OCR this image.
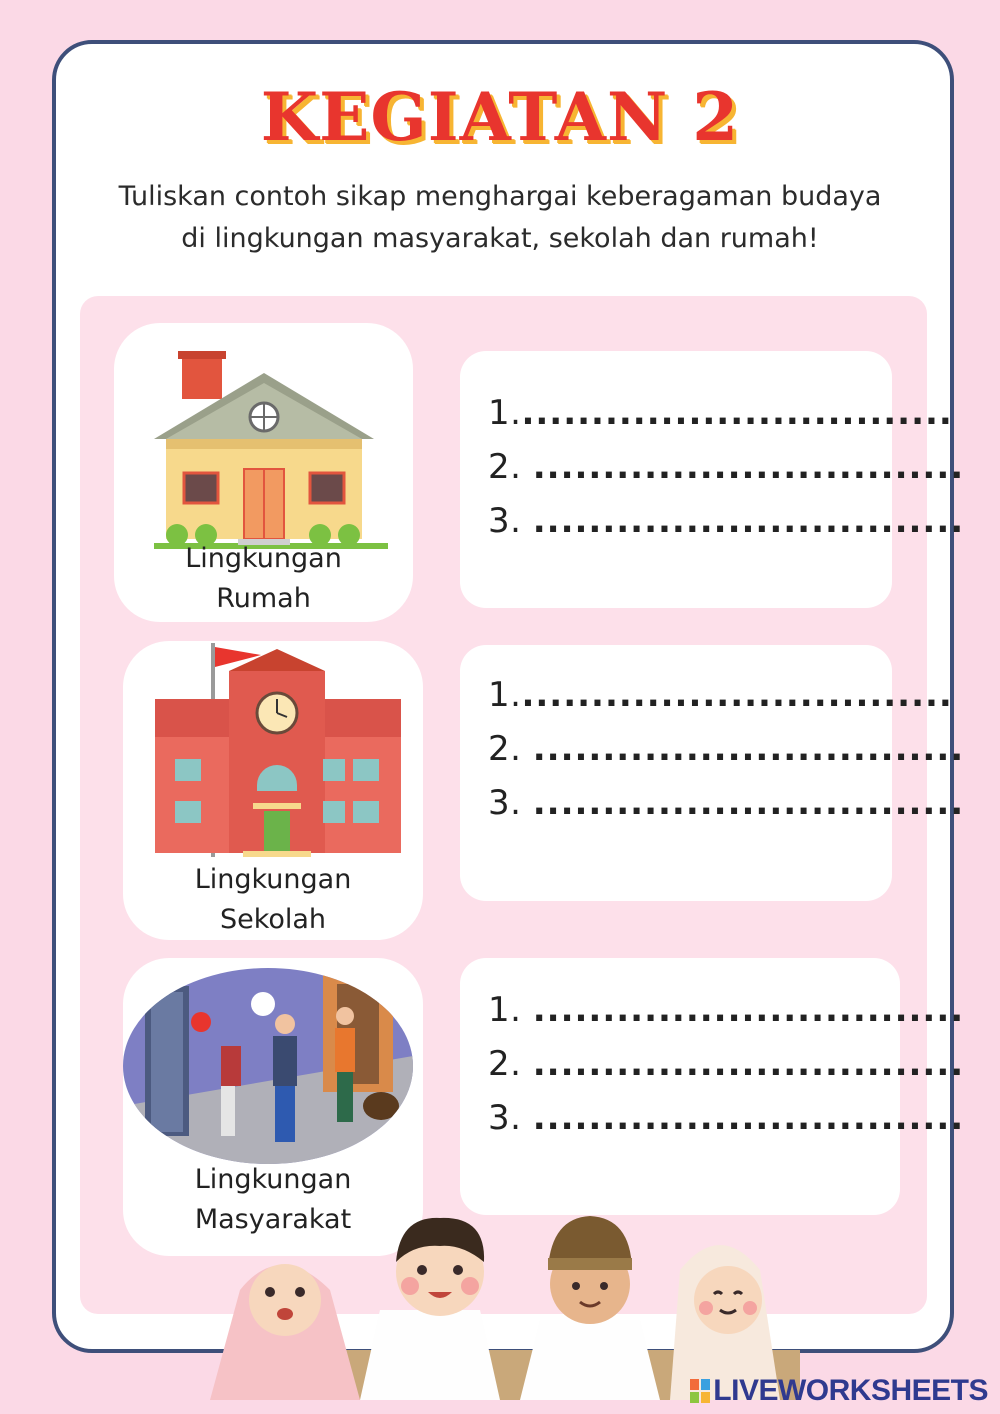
KEGIATAN 2
Tuliskan contoh sikap menghargai keberagaman budaya
di lingkungan masyarakat, sekolah dan rumah!
Lingkungan
Rumah
1................................
2. ...............................
3. ...............................
Lingkungan
Sekolah
1................................
2. ...............................
3. ...............................
Lingkungan
Masyarakat
1. ...............................
2. ...............................
3. ...............................
LIVEWORKSHEETS
